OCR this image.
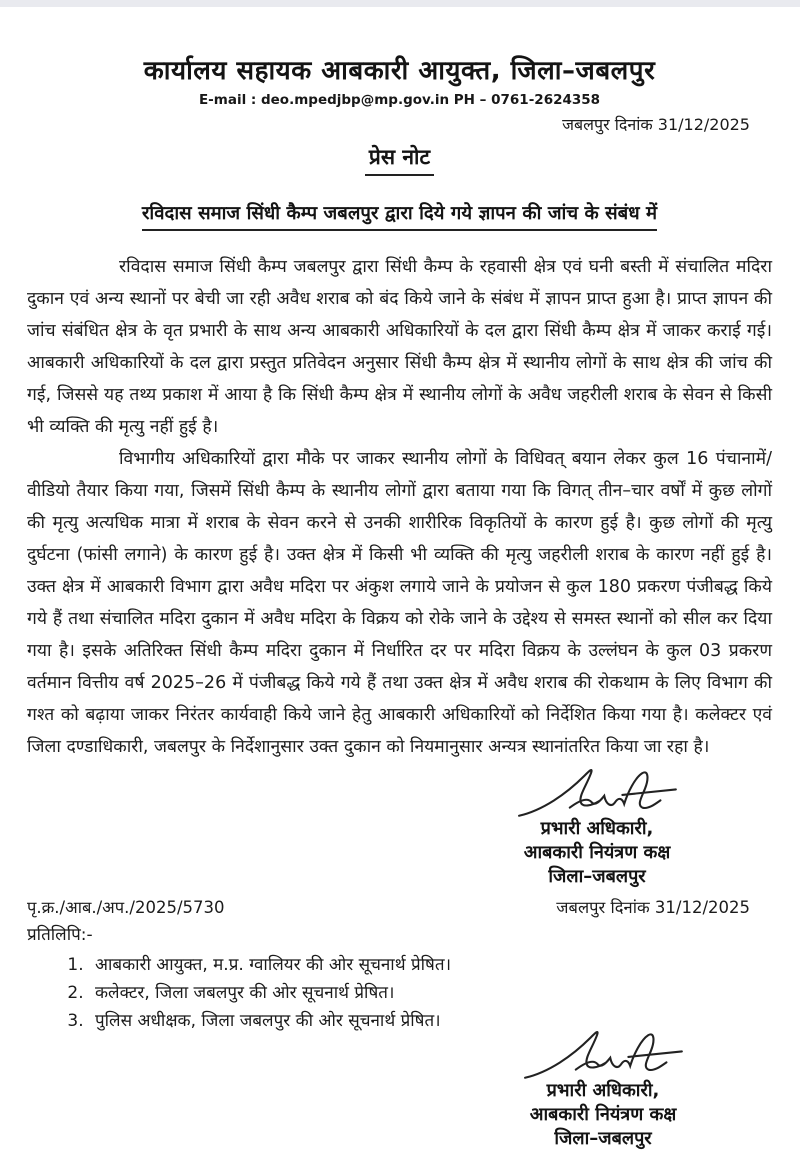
कार्यालय सहायक आबकारी आयुक्त, जिला–जबलपुर
E-mail : deo.mpedjbp@mp.gov.in PH – 0761-2624358
जबलपुर दिनांक 31/12/2025
प्रेस नोट
रविदास समाज सिंधी कैम्प जबलपुर द्वारा दिये गये ज्ञापन की जांच के संबंध में

रविदास समाज सिंधी कैम्प जबलपुर द्वारा सिंधी कैम्प के रहवासी क्षेत्र एवं घनी बस्ती में संचालित मदिरा दुकान एवं अन्य स्थानों पर बेची जा रही अवैध शराब को बंद किये जाने के संबंध में ज्ञापन प्राप्त हुआ है। प्राप्त ज्ञापन की जांच संबंधित क्षेत्र के वृत प्रभारी के साथ अन्य आबकारी अधिकारियों के दल द्वारा सिंधी कैम्प क्षेत्र में जाकर कराई गई। आबकारी अधिकारियों के दल द्वारा प्रस्तुत प्रतिवेदन अनुसार सिंधी कैम्प क्षेत्र में स्थानीय लोगों के साथ क्षेत्र की जांच की गई, जिससे यह तथ्य प्रकाश में आया है कि सिंधी कैम्प क्षेत्र में स्थानीय लोगों के अवैध जहरीली शराब के सेवन से किसी भी व्यक्ति की मृत्यु नहीं हुई है।

विभागीय अधिकारियों द्वारा मौके पर जाकर स्थानीय लोगों के विधिवत् बयान लेकर कुल 16 पंचानामें/वीडियो तैयार किया गया, जिसमें सिंधी कैम्प के स्थानीय लोगों द्वारा बताया गया कि विगत् तीन–चार वर्षों में कुछ लोगों की मृत्यु अत्यधिक मात्रा में शराब के सेवन करने से उनकी शारीरिक विकृतियों के कारण हुई है। कुछ लोगों की मृत्यु दुर्घटना (फांसी लगाने) के कारण हुई है। उक्त क्षेत्र में किसी भी व्यक्ति की मृत्यु जहरीली शराब के कारण नहीं हुई है। उक्त क्षेत्र में आबकारी विभाग द्वारा अवैध मदिरा पर अंकुश लगाये जाने के प्रयोजन से कुल 180 प्रकरण पंजीबद्ध किये गये हैं तथा संचालित मदिरा दुकान में अवैध मदिरा के विक्रय को रोके जाने के उद्देश्य से समस्त स्थानों को सील कर दिया गया है। इसके अतिरिक्त सिंधी कैम्प मदिरा दुकान में निर्धारित दर पर मदिरा विक्रय के उल्लंघन के कुल 03 प्रकरण वर्तमान वित्तीय वर्ष 2025–26 में पंजीबद्ध किये गये हैं तथा उक्त क्षेत्र में अवैध शराब की रोकथाम के लिए विभाग की गश्त को बढ़ाया जाकर निरंतर कार्यवाही किये जाने हेतु आबकारी अधिकारियों को निर्देशित किया गया है। कलेक्टर एवं जिला दण्डाधिकारी, जबलपुर के निर्देशानुसार उक्त दुकान को नियमानुसार अन्यत्र स्थानांतरित किया जा रहा है।

प्रभारी अधिकारी,
आबकारी नियंत्रण कक्ष
जिला–जबलपुर
पृ.क्र./आब./अप./2025/5730	जबलपुर दिनांक 31/12/2025
प्रतिलिपि:-
1. आबकारी आयुक्त, म.प्र. ग्वालियर की ओर सूचनार्थ प्रेषित।
2. कलेक्टर, जिला जबलपुर की ओर सूचनार्थ प्रेषित।
3. पुलिस अधीक्षक, जिला जबलपुर की ओर सूचनार्थ प्रेषित।
प्रभारी अधिकारी,
आबकारी नियंत्रण कक्ष
जिला–जबलपुर
